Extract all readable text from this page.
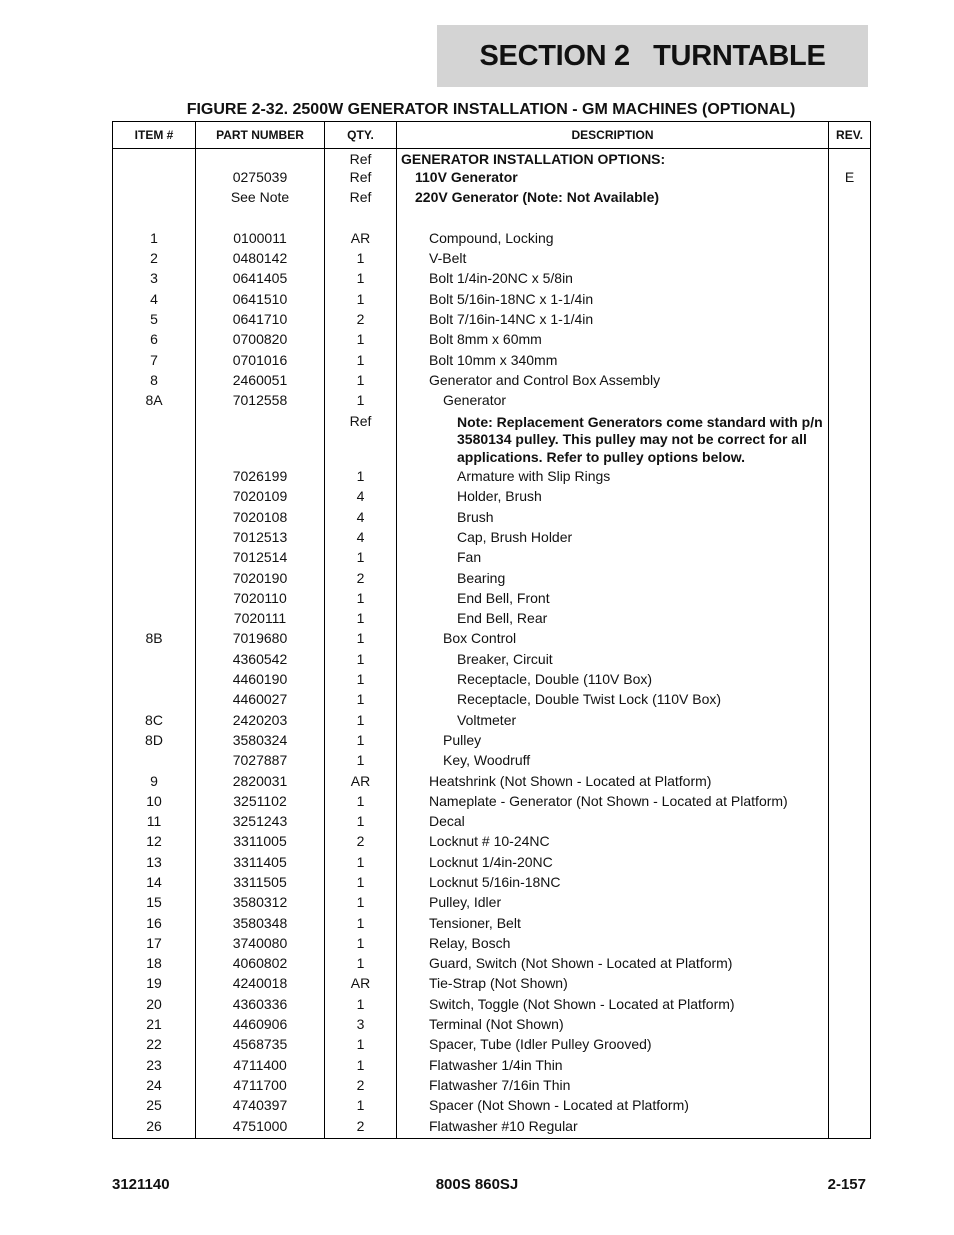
SECTION 2   TURNTABLE
FIGURE 2-32. 2500W GENERATOR INSTALLATION - GM MACHINES (OPTIONAL)
ITEM #	PART NUMBER	QTY.	DESCRIPTION	REV.
		Ref	GENERATOR INSTALLATION OPTIONS:	
	0275039	Ref	110V Generator	E
	See Note	Ref	220V Generator (Note: Not Available)	

1	0100011	AR	Compound, Locking	
2	0480142	1	V-Belt	
3	0641405	1	Bolt 1/4in-20NC x 5/8in	
4	0641510	1	Bolt 5/16in-18NC x 1-1/4in	
5	0641710	2	Bolt 7/16in-14NC x 1-1/4in	
6	0700820	1	Bolt 8mm x 60mm	
7	0701016	1	Bolt 10mm x 340mm	
8	2460051	1	Generator and Control Box Assembly	
8A	7012558	1	Generator	
		Ref	Note: Replacement Generators come standard with p/n 3580134 pulley. This pulley may not be correct for all applications. Refer to pulley options below.	
	7026199	1	Armature with Slip Rings	
	7020109	4	Holder, Brush	
	7020108	4	Brush	
	7012513	4	Cap, Brush Holder	
	7012514	1	Fan	
	7020190	2	Bearing	
	7020110	1	End Bell, Front	
	7020111	1	End Bell, Rear	
8B	7019680	1	Box Control	
	4360542	1	Breaker, Circuit	
	4460190	1	Receptacle, Double (110V Box)	
	4460027	1	Receptacle, Double Twist Lock (110V Box)	
8C	2420203	1	Voltmeter	
8D	3580324	1	Pulley	
	7027887	1	Key, Woodruff	
9	2820031	AR	Heatshrink (Not Shown - Located at Platform)	
10	3251102	1	Nameplate - Generator (Not Shown - Located at Platform)	
11	3251243	1	Decal	
12	3311005	2	Locknut # 10-24NC	
13	3311405	1	Locknut 1/4in-20NC	
14	3311505	1	Locknut 5/16in-18NC	
15	3580312	1	Pulley, Idler	
16	3580348	1	Tensioner, Belt	
17	3740080	1	Relay, Bosch	
18	4060802	1	Guard, Switch (Not Shown - Located at Platform)	
19	4240018	AR	Tie-Strap (Not Shown)	
20	4360336	1	Switch, Toggle (Not Shown - Located at Platform)	
21	4460906	3	Terminal (Not Shown)	
22	4568735	1	Spacer, Tube (Idler Pulley Grooved)	
23	4711400	1	Flatwasher 1/4in Thin	
24	4711700	2	Flatwasher 7/16in Thin	
25	4740397	1	Spacer (Not Shown - Located at Platform)	
26	4751000	2	Flatwasher #10 Regular	
3121140	800S 860SJ	2-157
